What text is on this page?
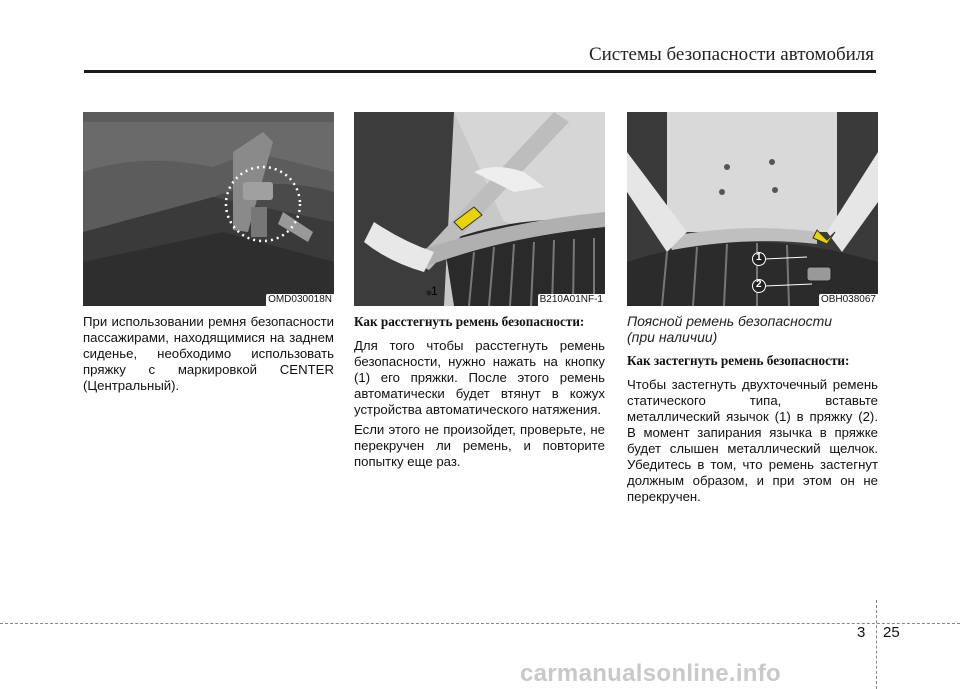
Системы безопасности автомобиля
OMD030018N

При использовании ремня безопасности пассажирами, находящимися на заднем сиденье, необходимо использовать пряжку с маркировкой CENTER (Центральный).

B210A01NF-1
1

Как расстегнуть ремень безопасности:

Для того чтобы расстегнуть ремень безопасности, нужно нажать на кнопку (1) его пряжки. После этого ремень автоматически будет втянут в кожух устройства автоматического натяжения.

Если этого не произойдет, проверьте, не перекручен ли ремень, и повторите попытку еще раз.

OBH038067
1
2

Поясной ремень безопасности
(при наличии)

Как застегнуть ремень безопасности:

Чтобы застегнуть двухточечный ремень статического типа, вставьте металлический язычок (1) в пряжку (2). В момент запирания язычка в пряжке будет слышен металлический щелчок. Убедитесь в том, что ремень застегнут должным образом, и при этом он не перекручен.

3 25
carmanualsonline.info
